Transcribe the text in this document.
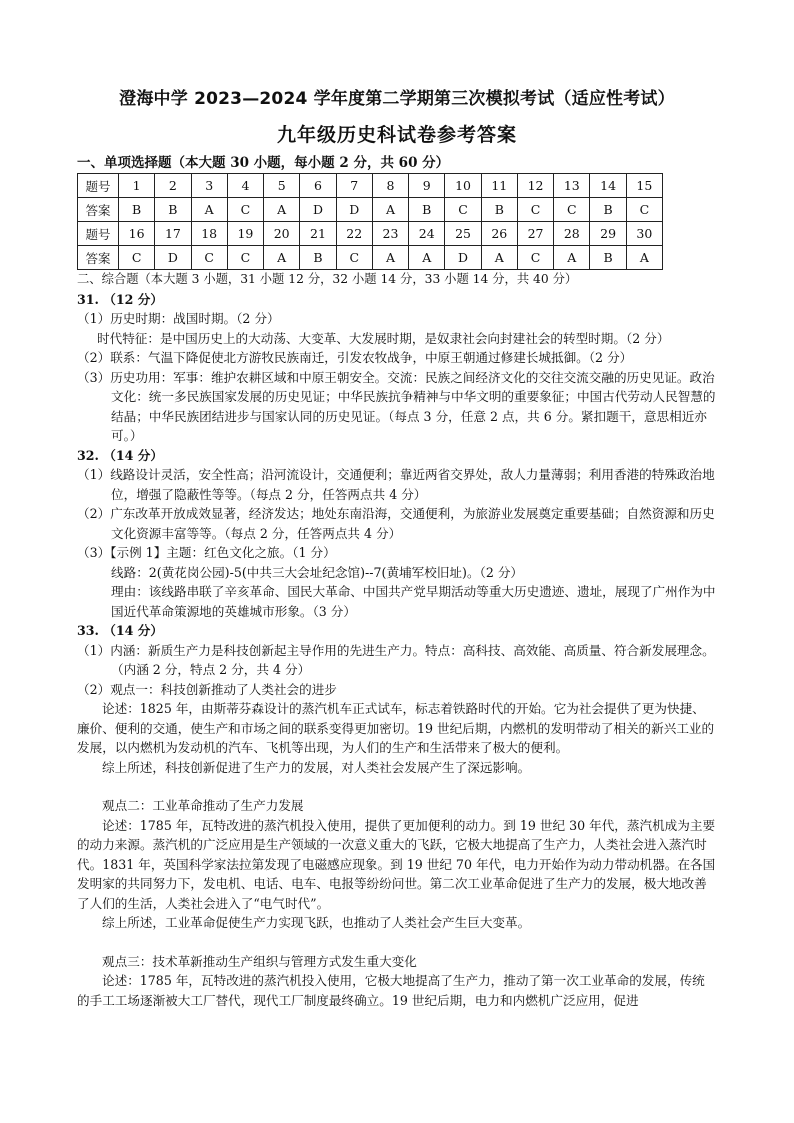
澄海中学 2023—2024 学年度第二学期第三次模拟考试（适应性考试）
九年级历史科试卷参考答案
一、单项选择题（本大题 30 小题，每小题 2 分，共 60 分）
题号	1	2	3	4	5	6	7	8	9	10	11	12	13	14	15
答案	B	B	A	C	A	D	D	A	B	C	B	C	C	B	C
题号	16	17	18	19	20	21	22	23	24	25	26	27	28	29	30
答案	C	D	C	C	A	B	C	A	A	D	A	C	A	B	A

二、综合题（本大题 3 小题，31 小题 12 分，32 小题 14 分，33 小题 14 分，共 40 分）

31. （12 分）

（1）历史时期：战国时期。（2 分）

时代特征：是中国历史上的大动荡、大变革、大发展时期，是奴隶社会向封建社会的转型时期。（2 分）

（2）联系：气温下降促使北方游牧民族南迁，引发农牧战争，中原王朝通过修建长城抵御。（2 分）

（3）历史功用：军事：维护农耕区域和中原王朝安全。交流：民族之间经济文化的交往交流交融的历史见证。政治文化：统一多民族国家发展的历史见证；中华民族抗争精神与中华文明的重要象征；中国古代劳动人民智慧的结晶；中华民族团结进步与国家认同的历史见证。（每点 3 分，任意 2 点，共 6 分。紧扣题干，意思相近亦可。）

32. （14 分）

（1）线路设计灵活，安全性高；沿河流设计，交通便利；靠近两省交界处，敌人力量薄弱；利用香港的特殊政治地位，增强了隐蔽性等等。（每点 2 分，任答两点共 4 分）

（2）广东改革开放成效显著，经济发达；地处东南沿海，交通便利，为旅游业发展奠定重要基础；自然资源和历史文化资源丰富等等。（每点 2 分，任答两点共 4 分）

（3）【示例 1】主题：红色文化之旅。（1 分）

线路：2(黄花岗公园)-5(中共三大会址纪念馆)--7(黄埔军校旧址)。（2 分）

理由：该线路串联了辛亥革命、国民大革命、中国共产党早期活动等重大历史遗迹、遗址，展现了广州作为中国近代革命策源地的英雄城市形象。（3 分）

33. （14 分）

（1）内涵：新质生产力是科技创新起主导作用的先进生产力。特点：高科技、高效能、高质量、符合新发展理念。（内涵 2 分，特点 2 分，共 4 分）

（2）观点一：科技创新推动了人类社会的进步

论述：1825 年，由斯蒂芬森设计的蒸汽机车正式试车，标志着铁路时代的开始。它为社会提供了更为快捷、廉价、便利的交通，使生产和市场之间的联系变得更加密切。19 世纪后期，内燃机的发明带动了相关的新兴工业的发展，以内燃机为发动机的汽车、飞机等出现，为人们的生产和生活带来了极大的便利。

综上所述，科技创新促进了生产力的发展，对人类社会发展产生了深远影响。

观点二：工业革命推动了生产力发展

论述：1785 年，瓦特改进的蒸汽机投入使用，提供了更加便利的动力。到 19 世纪 30 年代，蒸汽机成为主要的动力来源。蒸汽机的广泛应用是生产领域的一次意义重大的飞跃，它极大地提高了生产力，人类社会进入蒸汽时代。1831 年，英国科学家法拉第发现了电磁感应现象。到 19 世纪 70 年代，电力开始作为动力带动机器。在各国发明家的共同努力下，发电机、电话、电车、电报等纷纷问世。第二次工业革命促进了生产力的发展，极大地改善了人们的生活，人类社会进入了“电气时代”。

综上所述，工业革命促使生产力实现飞跃，也推动了人类社会产生巨大变革。

观点三：技术革新推动生产组织与管理方式发生重大变化

论述：1785 年，瓦特改进的蒸汽机投入使用，它极大地提高了生产力，推动了第一次工业革命的发展，传统的手工工场逐渐被大工厂替代，现代工厂制度最终确立。19 世纪后期，电力和内燃机广泛应用，促进
